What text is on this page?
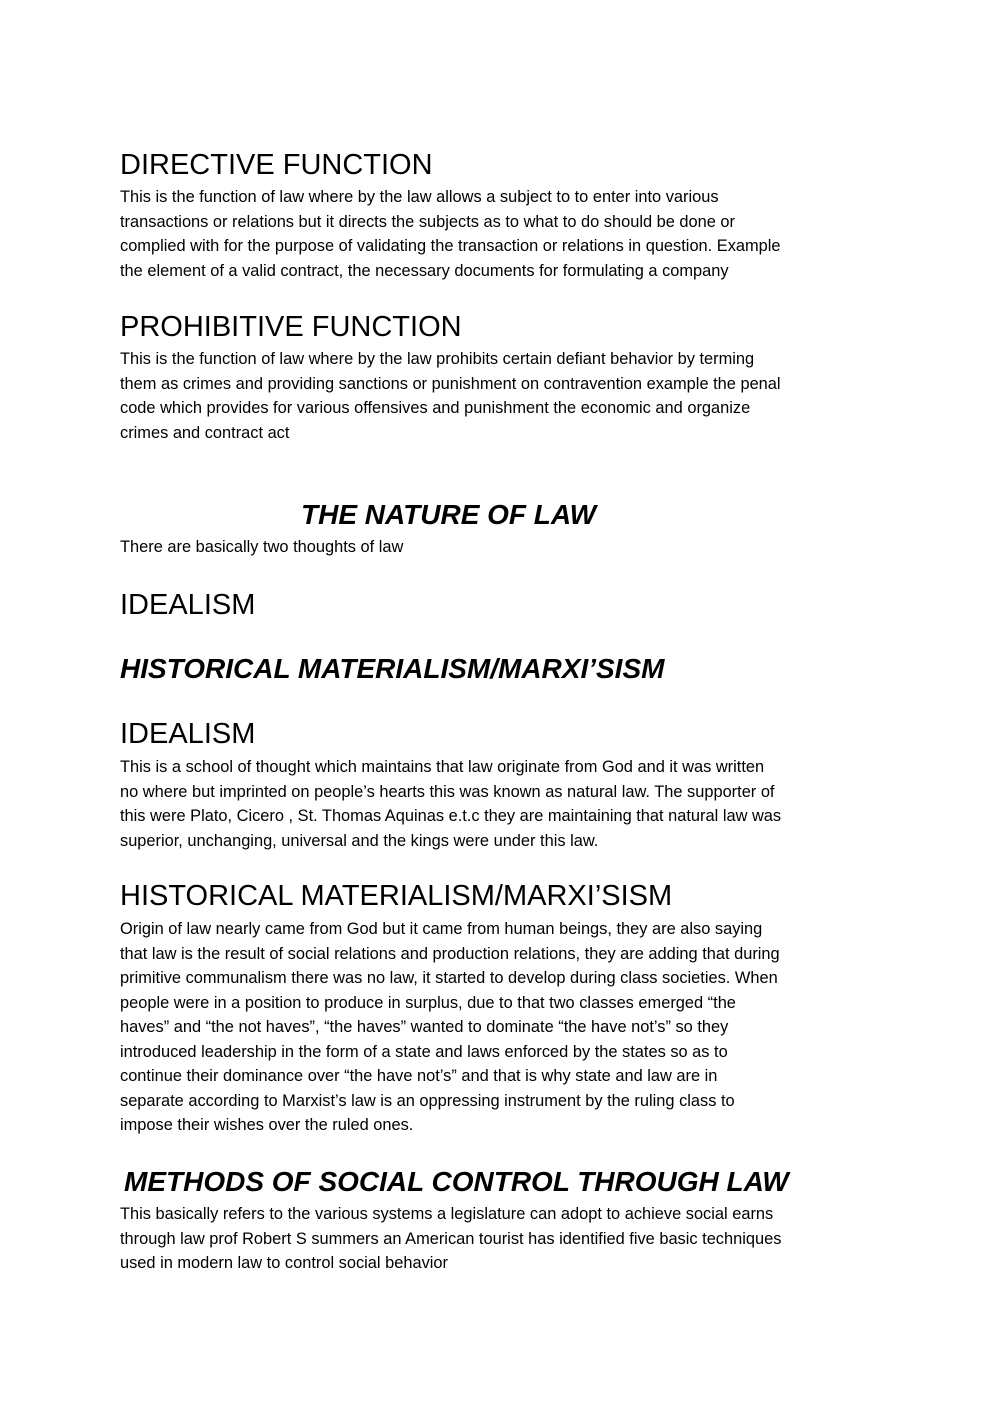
DIRECTIVE FUNCTION

This is the function of law where by the law allows a subject to to enter into various
transactions or relations but it directs the subjects as to what to do should be done or
complied with for the purpose of validating the transaction or relations in question. Example
the element of a valid contract, the necessary documents for formulating a company

PROHIBITIVE FUNCTION

This is the function of law where by the law prohibits certain defiant behavior by terming
them as crimes and providing sanctions or punishment on contravention example the penal
code which provides for various offensives and punishment the economic and organize
crimes and contract act

THE NATURE OF LAW

There are basically two thoughts of law

IDEALISM
HISTORICAL MATERIALISM/MARXI’SISM
IDEALISM

This is a school of thought which maintains that law originate from God and it was written
no where but imprinted on people’s hearts this was known as natural law. The supporter of
this were Plato, Cicero , St. Thomas Aquinas e.t.c they are maintaining that natural law was
superior, unchanging, universal and the kings were under this law.

HISTORICAL MATERIALISM/MARXI’SISM

Origin of law nearly came from God but it came from human beings, they are also saying
that law is the result of social relations and production relations, they are adding that during
primitive communalism there was no law, it started to develop during class societies. When
people were in a position to produce in surplus, due to that two classes emerged “the
haves” and “the not haves”, “the haves” wanted to dominate “the have not’s” so they
introduced leadership in the form of a state and laws enforced by the states so as to
continue their dominance over “the have not’s” and that is why state and law are in
separate according to Marxist’s law is an oppressing instrument by the ruling class to
impose their wishes over the ruled ones.

METHODS OF SOCIAL CONTROL THROUGH LAW

This basically refers to the various systems a legislature can adopt to achieve social earns
through law prof Robert S summers an American tourist has identified five basic techniques
used in modern law to control social behavior
